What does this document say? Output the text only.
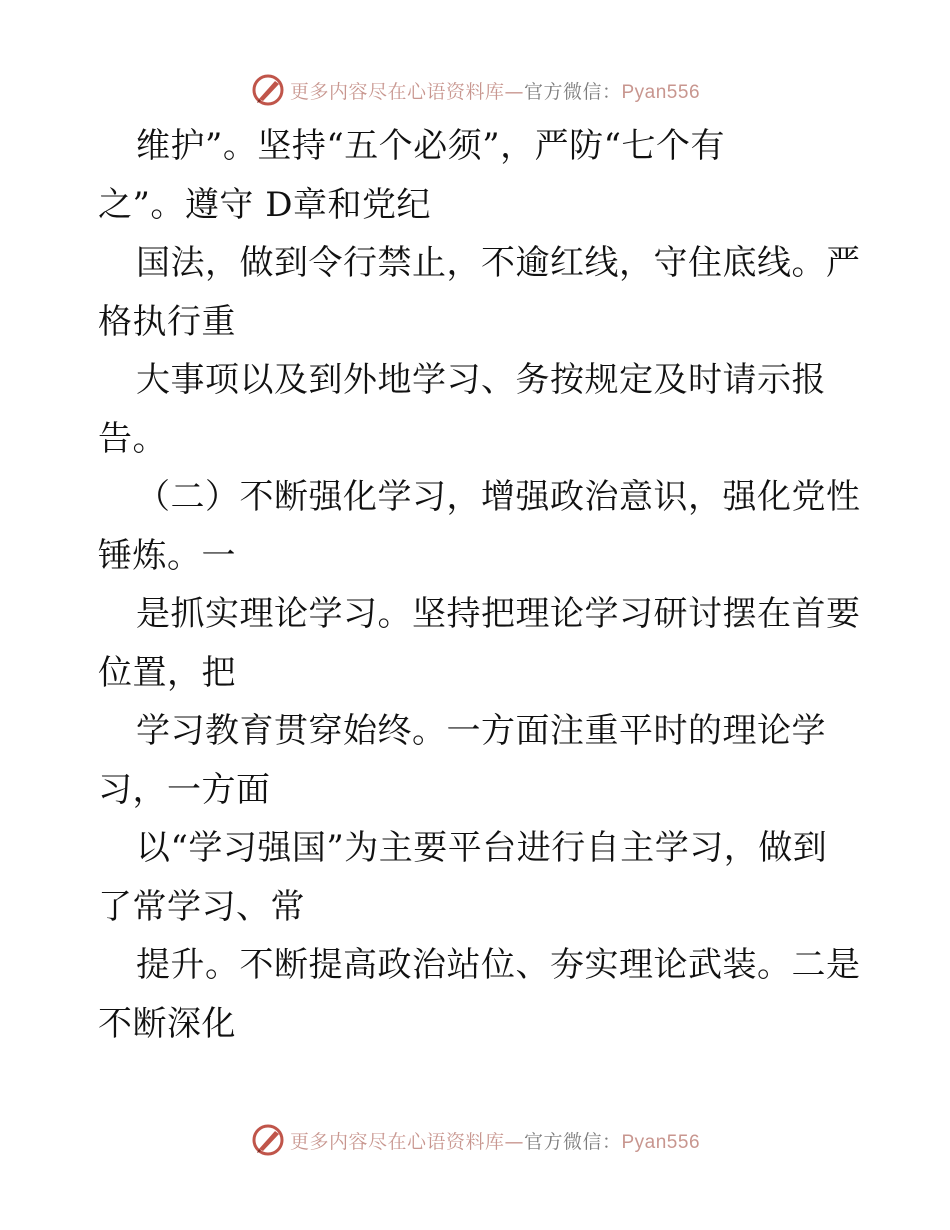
更多内容尽在心语资料库—官方微信：Pyan556
维护”。坚持“五个必须”，严防“七个有
之”。遵守 D章和党纪
国法，做到令行禁止，不逾红线，守住底线。严
格执行重
大事项以及到外地学习、务按规定及时请示报
告。
（二）不断强化学习，增强政治意识，强化党性
锤炼。一
是抓实理论学习。坚持把理论学习研讨摆在首要
位置，把
学习教育贯穿始终。一方面注重平时的理论学
习，一方面
以“学习强国”为主要平台进行自主学习，做到
了常学习、常
提升。不断提高政治站位、夯实理论武装。二是
不断深化
更多内容尽在心语资料库—官方微信：Pyan556
